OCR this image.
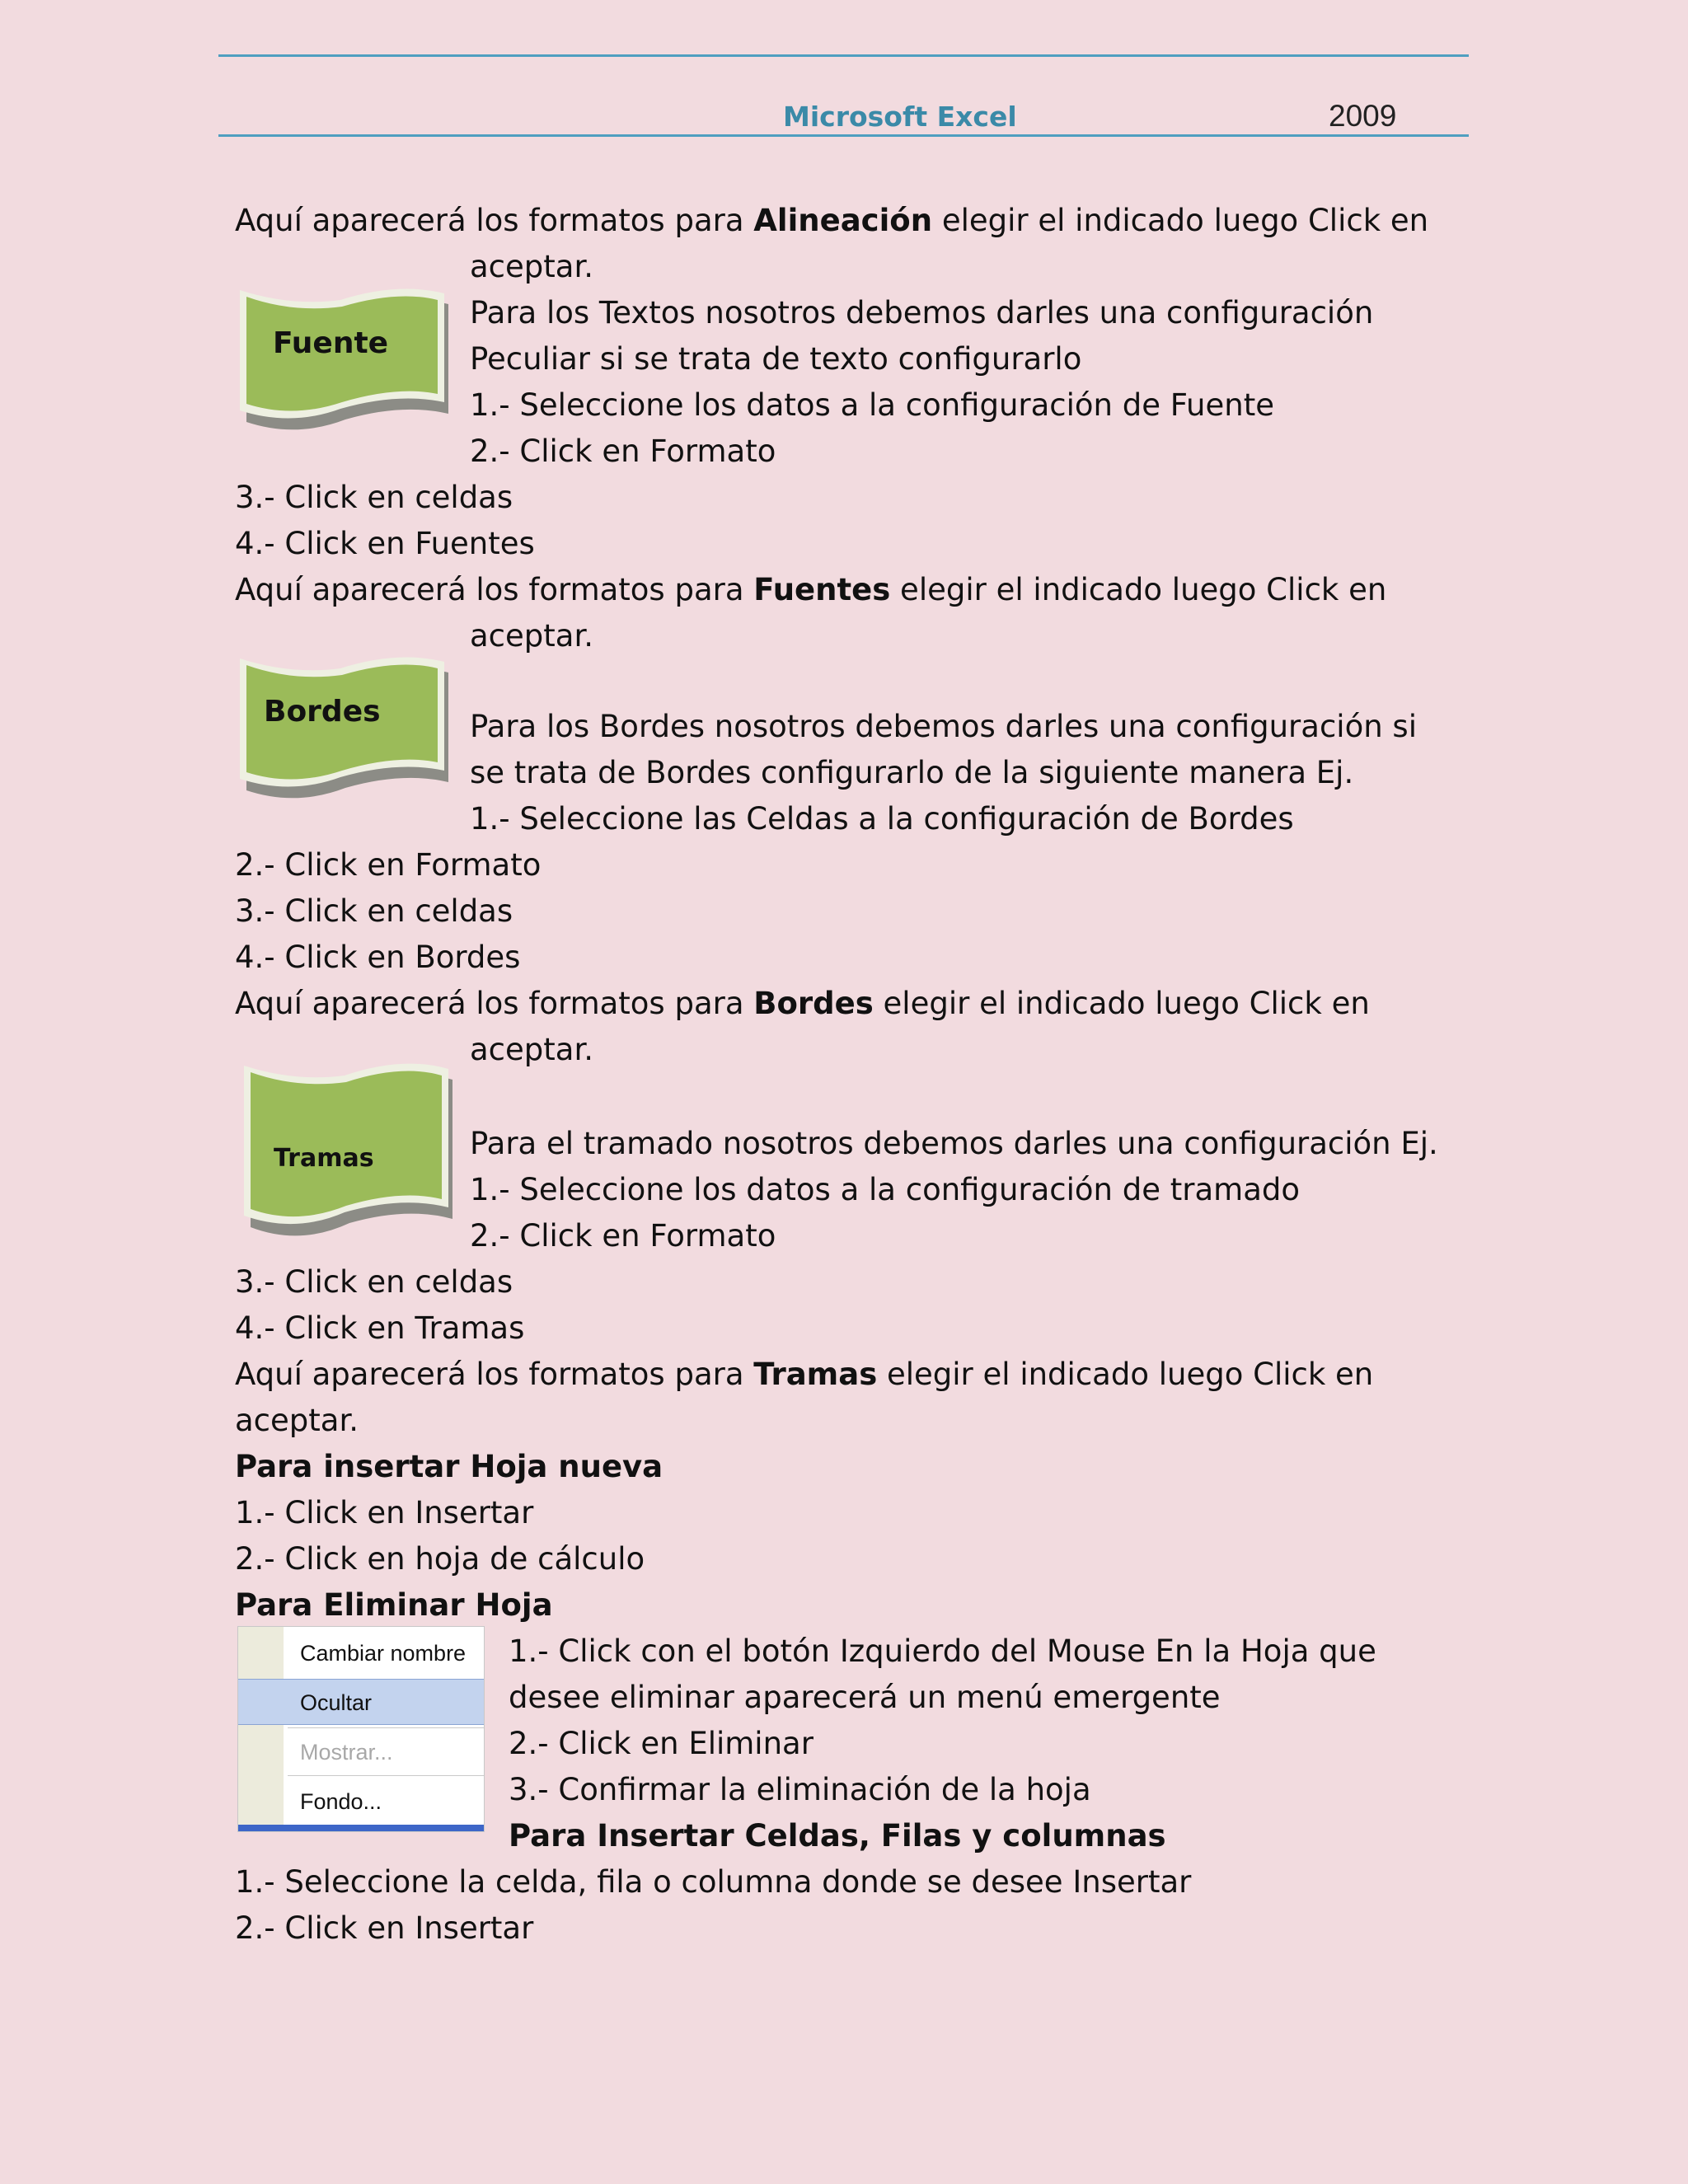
Microsoft Excel	2009
Aquí aparecerá los formatos para Alineación elegir el indicado luego Click en
aceptar.
Fuente
Para los Textos nosotros debemos darles una configuración
Peculiar si se trata de texto configurarlo
1.- Seleccione los datos a la configuración de Fuente
2.- Click en Formato
3.- Click en celdas
4.- Click en Fuentes
Aquí aparecerá los formatos para Fuentes elegir el indicado luego Click en
aceptar.
Bordes	Para los Bordes nosotros debemos darles una configuración si
se trata de Bordes configurarlo de la siguiente manera Ej.
1.- Seleccione las Celdas a la configuración de Bordes
2.- Click en Formato
3.- Click en celdas
4.- Click en Bordes
Aquí aparecerá los formatos para Bordes elegir el indicado luego Click en
aceptar.
Tramas	Para el tramado nosotros debemos darles una configuración Ej.
1.- Seleccione los datos a la configuración de tramado
2.- Click en Formato
3.- Click en celdas
4.- Click en Tramas
Aquí aparecerá los formatos para Tramas elegir el indicado luego Click en
aceptar.
Para insertar Hoja nueva
1.- Click en Insertar
2.- Click en hoja de cálculo
Para Eliminar Hoja
Cambiar nombre
Ocultar
Mostrar...
Fondo...
1.- Click con el botón Izquierdo del Mouse En la Hoja que
desee eliminar aparecerá un menú emergente
2.- Click en Eliminar
3.- Confirmar la eliminación de la hoja
Para Insertar Celdas, Filas y columnas
1.- Seleccione la celda, fila o columna donde se desee Insertar
2.- Click en Insertar
